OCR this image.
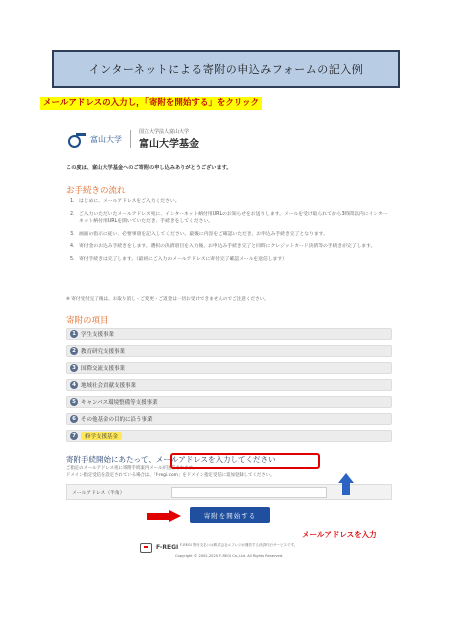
インターネットによる寄附の申込みフォームの記入例
メールアドレスの入力し，「寄附を開始する」をクリック
富山大学
国立大学法人富山大学
富山大学基金
この度は、富山大学基金へのご寄附の申し込みありがとうございます。
お手続きの流れ
1. はじめに、メールアドレスをご入力ください。
2. ご入力いただいたメールアドレス宛に、インターネット納付用URLのお知らせをお送りします。メールを受け取られてから3時間以内にインターネット納付用URLを開いていただき、手続きをしてください。
3. 画面の指示に従い、必要事項を記入してください。最後に内容をご確認いただき、お申込み手続き完了となります。
4. 寄付金のお込み手続きをします。選択の決済項目を入力後、お申込み手続き完了と同時にクレジットカード決済等の手続きが完了します。
5. 寄付手続きは完了します。（最初にご入力のメールアドレスに寄付完了確認メールを送信します）
※ 寄付受付完了後は、お取り消し・ご変更・ご返金は一切お受けできませんのでご注意ください。
寄附の項目
1 学生支援事業
2 教育研究支援事業
3 国際交流支援事業
4 地域社会貢献支援事業
5 キャンパス環境整備等支援事業
6 その他基金の目的に沿う事業
7	修学支援基金
寄附手続開始にあたって、メールアドレスを入力してください
ご指定のメールアドレス宛に寄附手続案内メールが送信されます。
ドメイン指定受信を設定されている場合は、「f-regi.com」をドメイン指定受信に追加登録してください。
メールアドレス（半角）
寄附を開始する
F-REGI F-REGI 寄付支払いは株式会社エフレジが運営する決済代行サービスです。
Copyright © 2002-2020 F-REGI Co.,Ltd. All Rights Reserved.
メールアドレスを入力
